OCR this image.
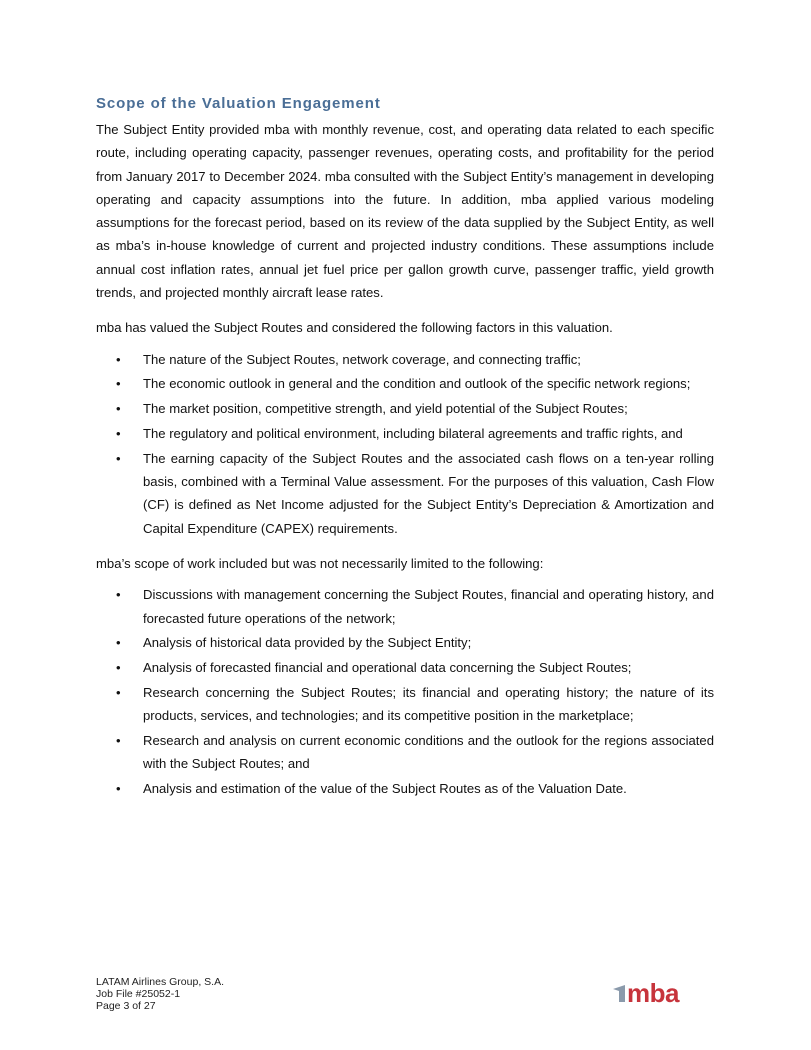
Scope of the Valuation Engagement

The Subject Entity provided mba with monthly revenue, cost, and operating data related to each specific route, including operating capacity, passenger revenues, operating costs, and profitability for the period from January 2017 to December 2024. mba consulted with the Subject Entity’s management in developing operating and capacity assumptions into the future. In addition, mba applied various modeling assumptions for the forecast period, based on its review of the data supplied by the Subject Entity, as well as mba’s in-house knowledge of current and projected industry conditions. These assumptions include annual cost inflation rates, annual jet fuel price per gallon growth curve, passenger traffic, yield growth trends, and projected monthly aircraft lease rates.

mba has valued the Subject Routes and considered the following factors in this valuation.

• The nature of the Subject Routes, network coverage, and connecting traffic;
• The economic outlook in general and the condition and outlook of the specific network regions;
• The market position, competitive strength, and yield potential of the Subject Routes;
• The regulatory and political environment, including bilateral agreements and traffic rights, and
• The earning capacity of the Subject Routes and the associated cash flows on a ten-year rolling basis, combined with a Terminal Value assessment. For the purposes of this valuation, Cash Flow (CF) is defined as Net Income adjusted for the Subject Entity’s Depreciation & Amortization and Capital Expenditure (CAPEX) requirements.

mba’s scope of work included but was not necessarily limited to the following:

• Discussions with management concerning the Subject Routes, financial and operating history, and forecasted future operations of the network;
• Analysis of historical data provided by the Subject Entity;
• Analysis of forecasted financial and operational data concerning the Subject Routes;
• Research concerning the Subject Routes; its financial and operating history; the nature of its products, services, and technologies; and its competitive position in the marketplace;
• Research and analysis on current economic conditions and the outlook for the regions associated with the Subject Routes; and
• Analysis and estimation of the value of the Subject Routes as of the Valuation Date.
LATAM Airlines Group, S.A.
Job File #25052-1
Page 3 of 27	mba
